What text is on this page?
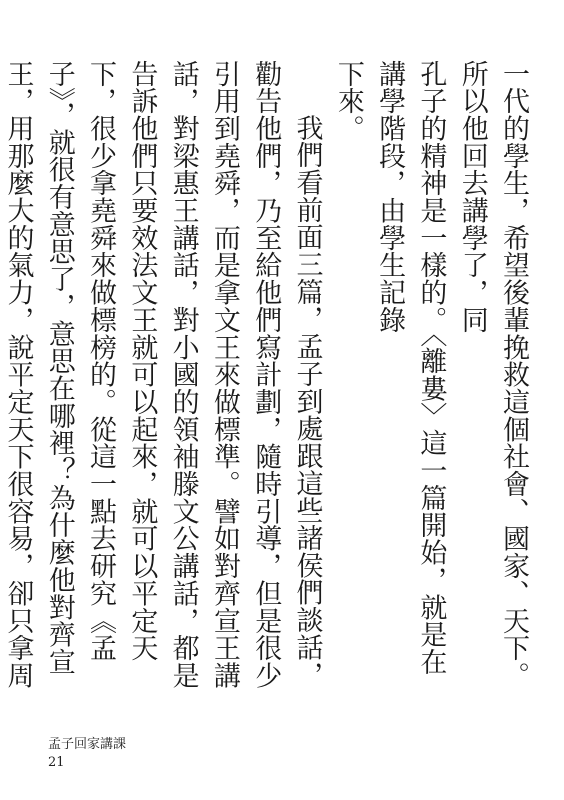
一代的學生，希望後輩挽救這個社會、國家、天下。所以他回去講學了，同
孔子的精神是一樣的。〈離婁〉這一篇開始，就是在講學階段，由學生記錄
下來。

我們看前面三篇，孟子到處跟這些諸侯們談話，勸告他們，乃至給他們寫計劃，隨時引導，但是很少引用到堯舜，而是拿文王來做標準。譬如對齊宣王講話，對梁惠王講話，對小國的領袖滕文公講話，都是告訴他們只要效法文王就可以起來，就可以平定天下，很少拿堯舜來做標榜的。從這一點去研究《孟子》，就很有意思了，意思在哪裡？為什麼他對齊宣王，用那麼大的氣力，說平定天下很容易，卻只拿周

孟子回家講課
21
